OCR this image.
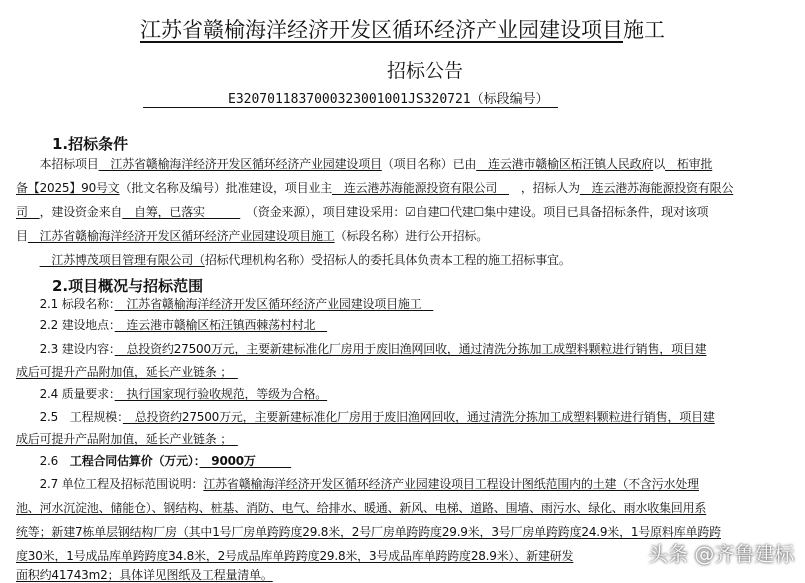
江苏省赣榆海洋经济开发区循环经济产业园建设项目施工
招标公告
E3207011837000323001001JS320721（标段编号）
1.招标条件
2.项目概况与招标范围
　　本招标项目　江苏省赣榆海洋经济开发区循环经济产业园建设项目（项目名称）已由　连云港市赣榆区柘汪镇人民政府以　柘审批
备【2025】90号文（批文名称及编号）批准建设，项目业主　连云港苏海能源投资有限公司　　，招标人为　连云港苏海能源投资有限公
司　，建设资金来自　自筹，已落实　　　　（资金来源），项目建设采用：☑自建☐代建☐集中建设。项目已具备招标条件，现对该项
目　江苏省赣榆海洋经济开发区循环经济产业园建设项目施工（标段名称）进行公开招标。
　　　江苏博茂项目管理有限公司（招标代理机构名称）受招标人的委托具体负责本工程的施工招标事宜。
　　2.1 标段名称：　江苏省赣榆海洋经济开发区循环经济产业园建设项目施工　
　　2.2 建设地点：　连云港市赣榆区柘汪镇西棘荡村村北　
　　2.3 建设内容：　总投资约27500万元，主要新建标准化厂房用于废旧渔网回收，通过清洗分拣加工成塑料颗粒进行销售，项目建
成后可提升产品附加值，延长产业链条 ；　
　　2.4 质量要求：　执行国家现行验收规范，等级为合格。
　　2.5　工程规模：　总投资约27500万元，主要新建标准化厂房用于废旧渔网回收，通过清洗分拣加工成塑料颗粒进行销售，项目建
成后可提升产品附加值，延长产业链条 ；　
　　2.6　工程合同估算价（万元）：　9000万　　　
　　2.7 单位工程及招标范围说明：江苏省赣榆海洋经济开发区循环经济产业园建设项目工程设计图纸范围内的土建（不含污水处理
池、河水沉淀池、储能仓）、钢结构、桩基、消防、电气、给排水、暖通、新风、电梯、道路、围墙、雨污水、绿化、雨水收集回用系
统等；新建7栋单层钢结构厂房（其中1号厂房单跨跨度29.8米，2号厂房单跨跨度29.9米，3号厂房单跨跨度24.9米，1号原料库单跨跨
度30米，1号成品库单跨跨度34.8米，2号成品库单跨跨度29.8米，3号成品库单跨跨度28.9米）、新建研发
面积约41743m2；具体详见图纸及工程量清单。
头条 @齐鲁建标
